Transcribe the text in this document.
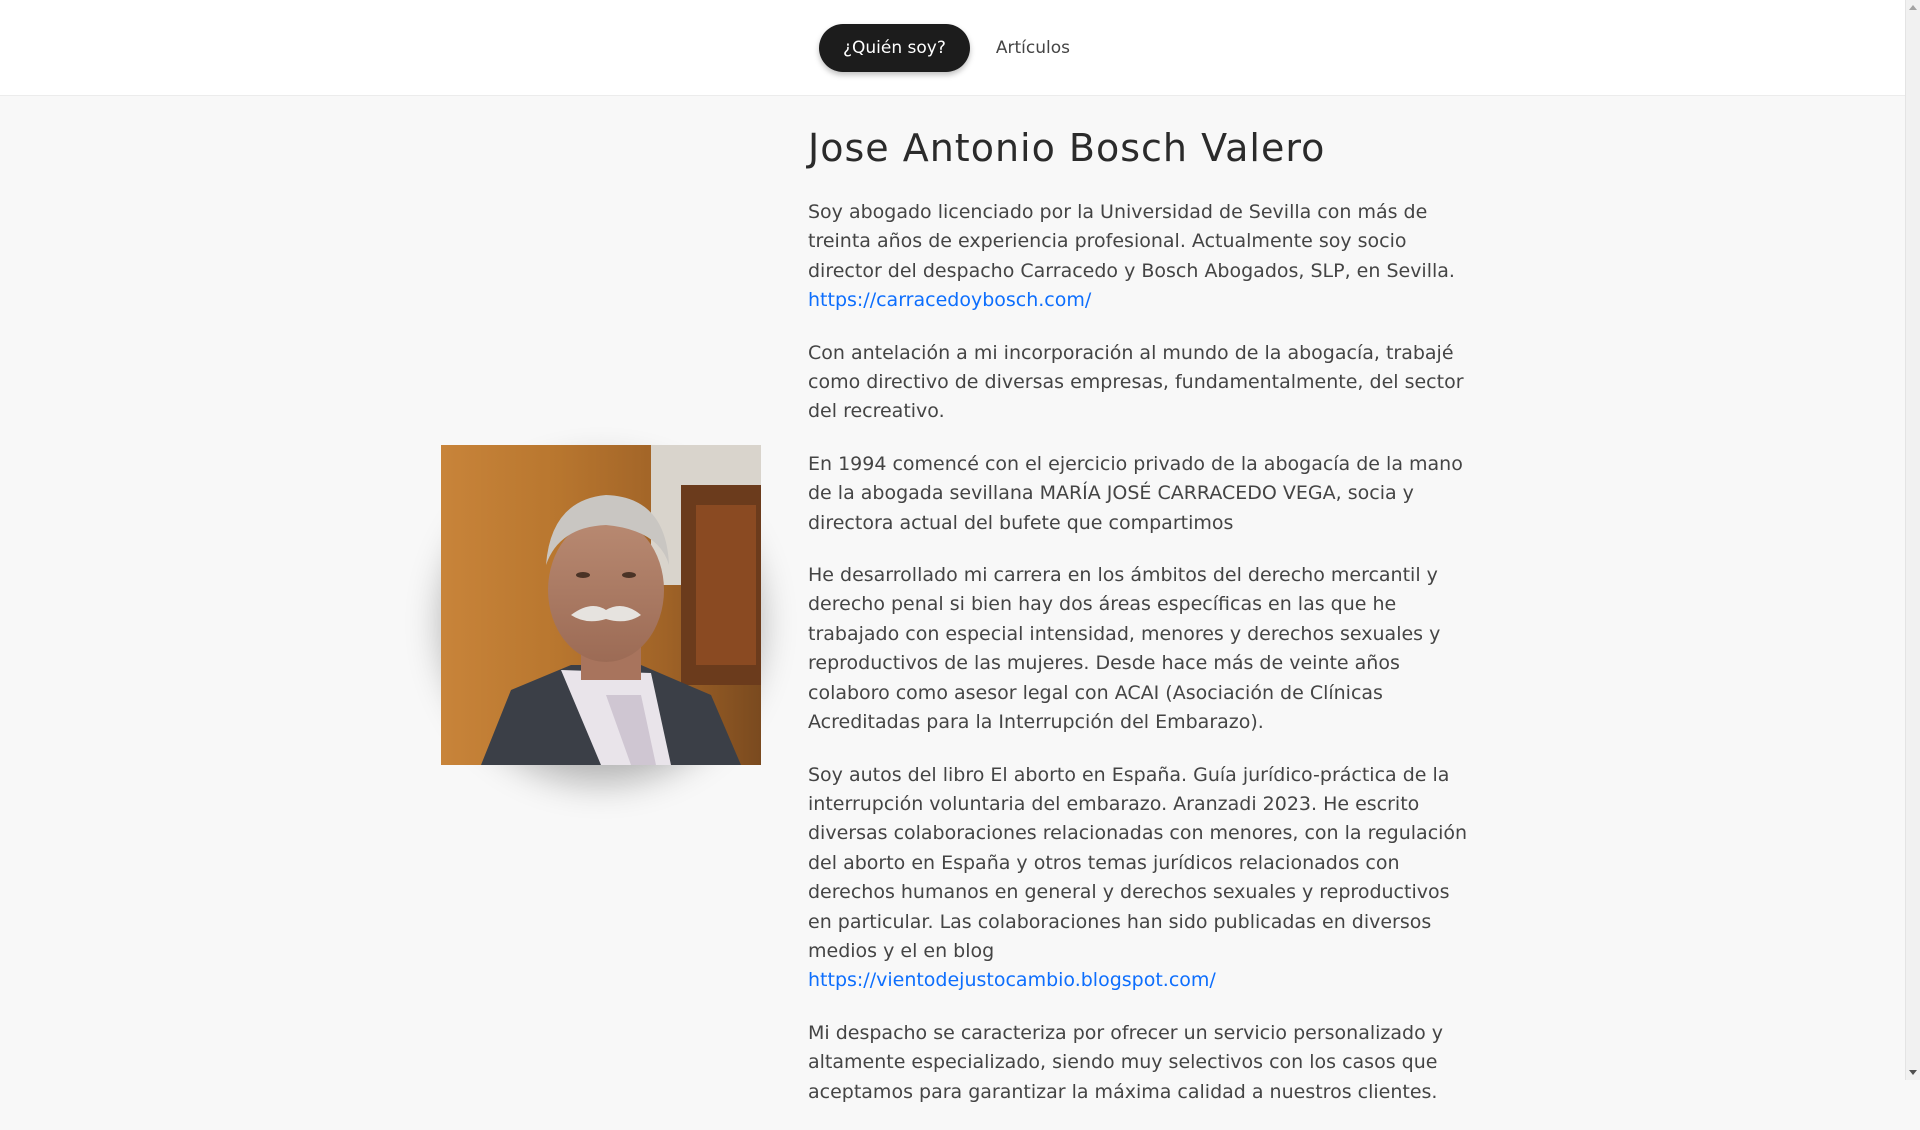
¿Quién soy?	Artículos
Jose Antonio Bosch Valero

Soy abogado licenciado por la Universidad de Sevilla con más de treinta años de experiencia profesional. Actualmente soy socio director del despacho Carracedo y Bosch Abogados, SLP, en Sevilla.
https://carracedoybosch.com/

Con antelación a mi incorporación al mundo de la abogacía, trabajé como directivo de diversas empresas, fundamentalmente, del sector del recreativo.

En 1994 comencé con el ejercicio privado de la abogacía de la mano de la abogada sevillana MARÍA JOSÉ CARRACEDO VEGA, socia y directora actual del bufete que compartimos

He desarrollado mi carrera en los ámbitos del derecho mercantil y derecho penal si bien hay dos áreas específicas en las que he trabajado con especial intensidad, menores y derechos sexuales y reproductivos de las mujeres. Desde hace más de veinte años colaboro como asesor legal con ACAI (Asociación de Clínicas Acreditadas para la Interrupción del Embarazo).

Soy autos del libro El aborto en España. Guía jurídico-práctica de la interrupción voluntaria del embarazo. Aranzadi 2023. He escrito diversas colaboraciones relacionadas con menores, con la regulación del aborto en España y otros temas jurídicos relacionados con derechos humanos en general y derechos sexuales y reproductivos en particular. Las colaboraciones han sido publicadas en diversos medios y el en blog
https://vientodejustocambio.blogspot.com/

Mi despacho se caracteriza por ofrecer un servicio personalizado y altamente especializado, siendo muy selectivos con los casos que aceptamos para garantizar la máxima calidad a nuestros clientes.
